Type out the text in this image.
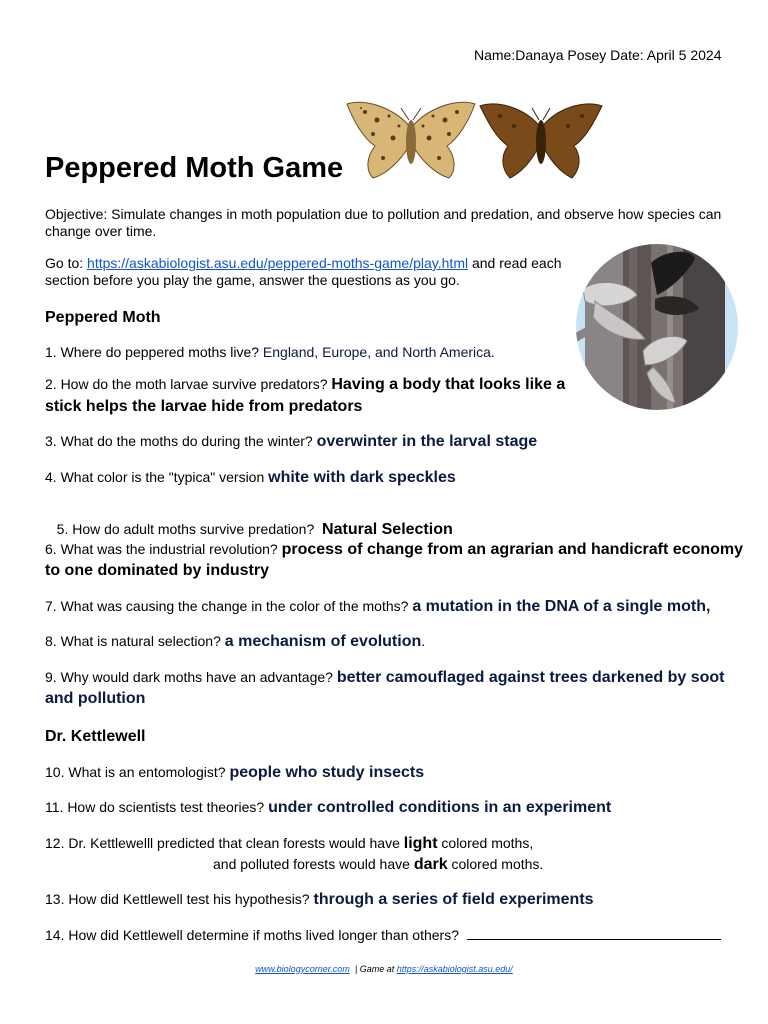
Name:Danaya Posey Date: April 5 2024
Peppered Moth Game
Objective: Simulate changes in moth population due to pollution and predation, and observe how species can change over time.
Go to: https://askabiologist.asu.edu/peppered-moths-game/play.html and read each section before you play the game, answer the questions as you go.
Peppered Moth
1. Where do peppered moths live? England, Europe, and North America.
2. How do the moth larvae survive predators? Having a body that looks like a
stick helps the larvae hide from predators
3. What do the moths do during the winter? overwinter in the larval stage
4. What color is the "typica" version white with dark speckles

5. How do adult moths survive predation?  Natural Selection

6. What was the industrial revolution? process of change from an agrarian and handicraft economy
to one dominated by industry
7. What was causing the change in the color of the moths? a mutation in the DNA of a single moth,
8. What is natural selection? a mechanism of evolution.
9. Why would dark moths have an advantage? better camouflaged against trees darkened by soot
and pollution
Dr. Kettlewell
10. What is an entomologist? people who study insects
11. How do scientists test theories? under controlled conditions in an experiment
12. Dr. Kettlewelll predicted that clean forests would have light colored moths,
and polluted forests would have dark colored moths.
13. How did Kettlewell test his hypothesis? through a series of field experiments
14. How did Kettlewell determine if moths lived longer than others?
www.biologycorner.com  | Game at https://askabiologist.asu.edu/
